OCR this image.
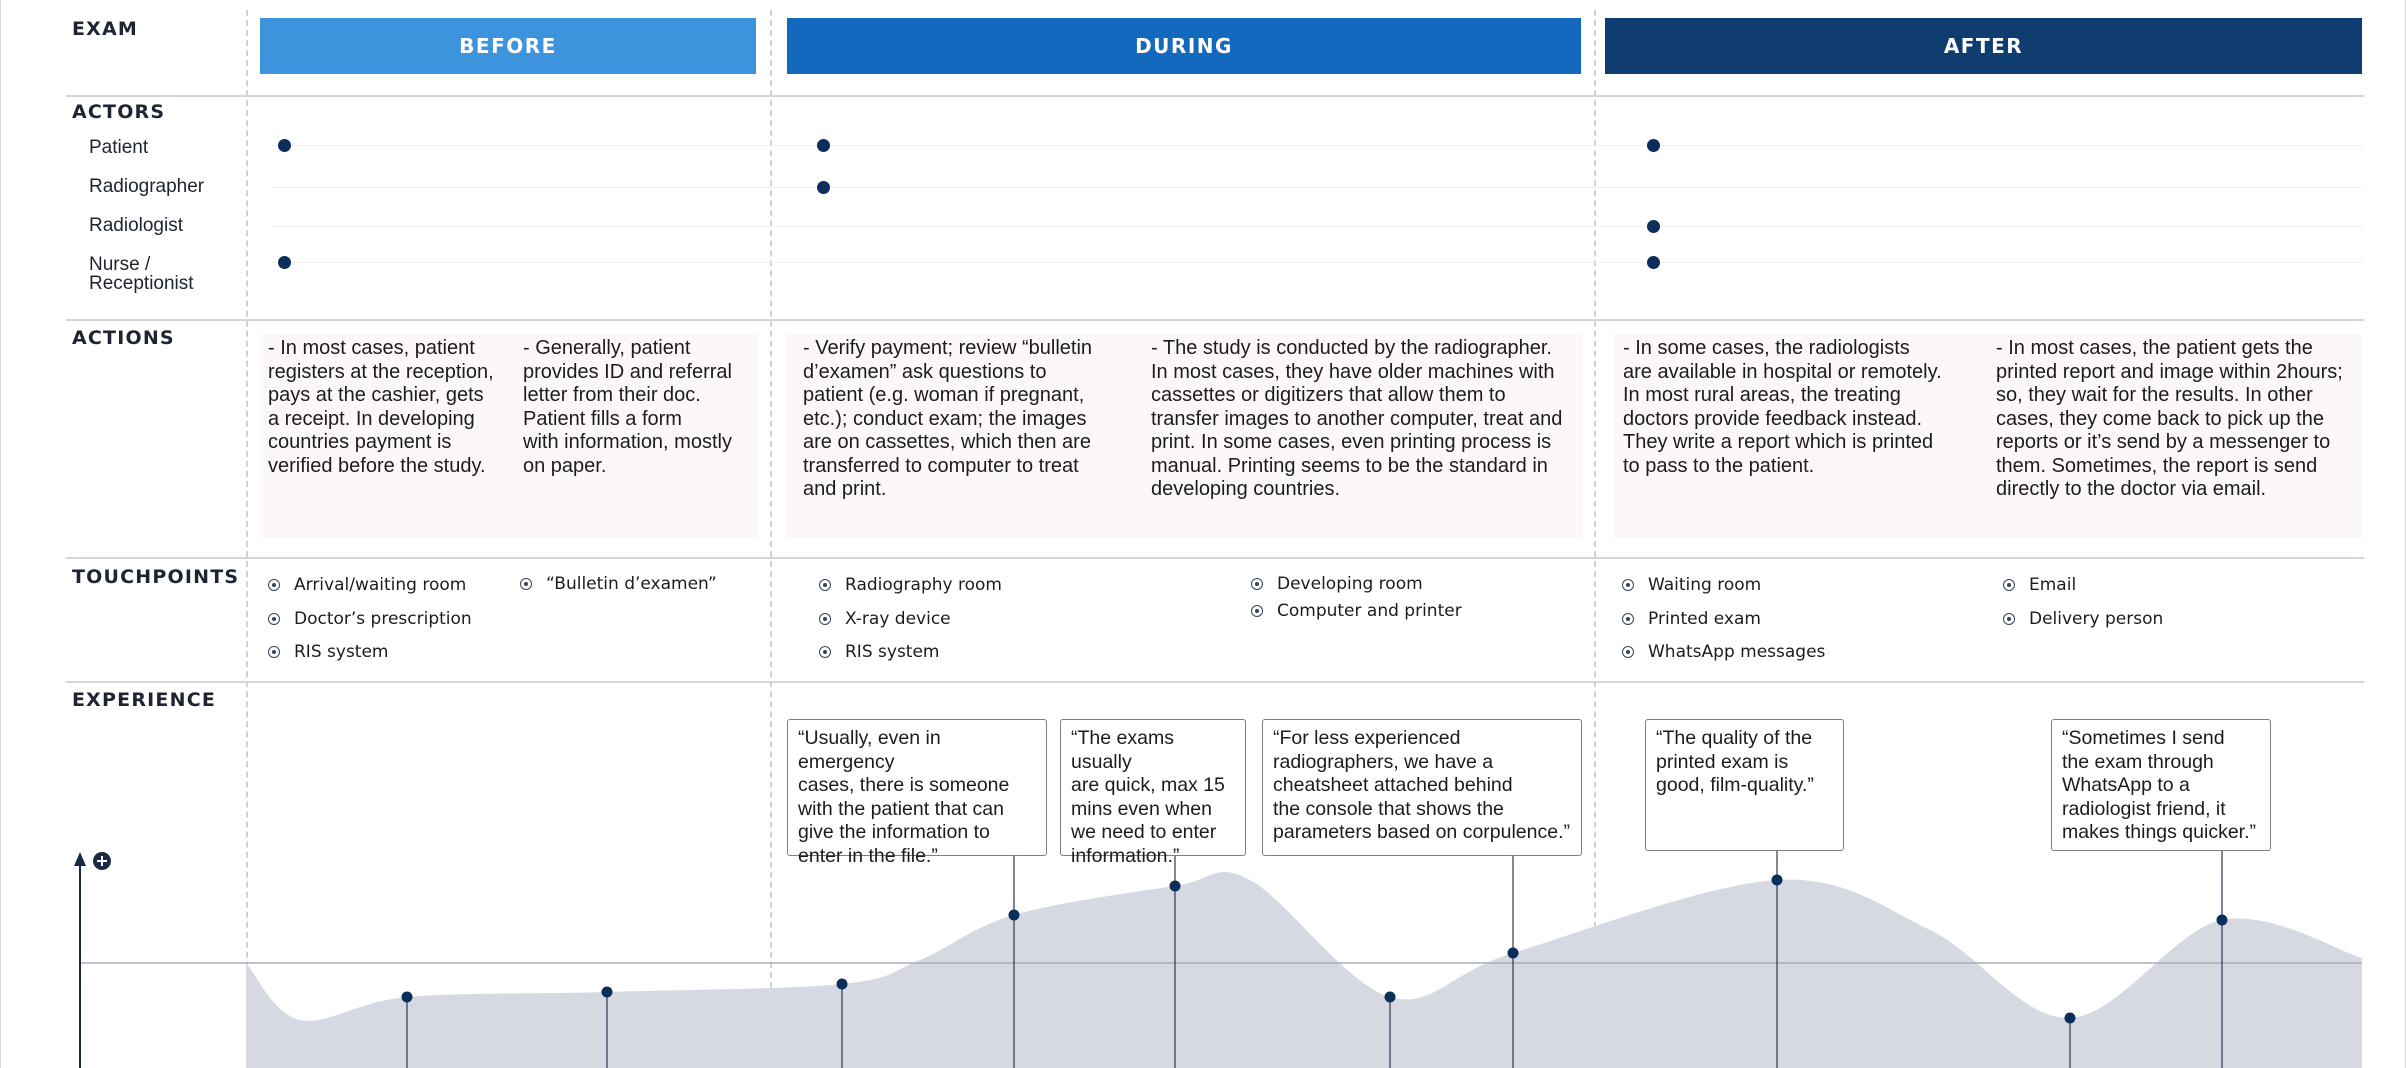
EXAM
ACTORS
ACTIONS
TOUCHPOINTS
EXPERIENCE
BEFORE	DURING	AFTER
Patient
Radiographer
Radiologist
Nurse /
Receptionist
- In most cases, patient
registers at the reception,
pays at the cashier, gets
a receipt. In developing
countries payment is
verified before the study.
- Generally, patient
provides ID and referral
letter from their doc.
Patient fills a form
with information, mostly
on paper.
- Verify payment; review “bulletin
d’examen” ask questions to
patient (e.g. woman if pregnant,
etc.); conduct exam; the images
are on cassettes, which then are
transferred to computer to treat
and print.
- The study is conducted by the radiographer.
In most cases, they have older machines with
cassettes or digitizers that allow them to
transfer images to another computer, treat and
print. In some cases, even printing process is
manual. Printing seems to be the standard in
developing countries.
- In some cases, the radiologists
are available in hospital or remotely.
In most rural areas, the treating
doctors provide feedback instead.
They write a report which is printed
to pass to the patient.
- In most cases, the patient gets the
printed report and image within 2hours;
so, they wait for the results. In other
cases, they come back to pick up the
reports or it’s send by a messenger to
them. Sometimes, the report is send
directly to the doctor via email.
Arrival/waiting room
Doctor’s prescription
RIS system
“Bulletin d’examen”	Radiography room
X-ray device
RIS system
Developing room
Computer and printer
Waiting room
Printed exam
WhatsApp messages
Email
Delivery person
“Usually, even in emergency
cases, there is someone
with the patient that can
give the information to
enter in the file.”
“The exams usually
are quick, max 15
mins even when
we need to enter
information.”
“For less experienced
radiographers, we have a
cheatsheet attached behind
the console that shows the
parameters based on corpulence.”
“The quality of the
printed exam is
good, film-quality.”
“Sometimes I send
the exam through
WhatsApp to a
radiologist friend, it
makes things quicker.”
